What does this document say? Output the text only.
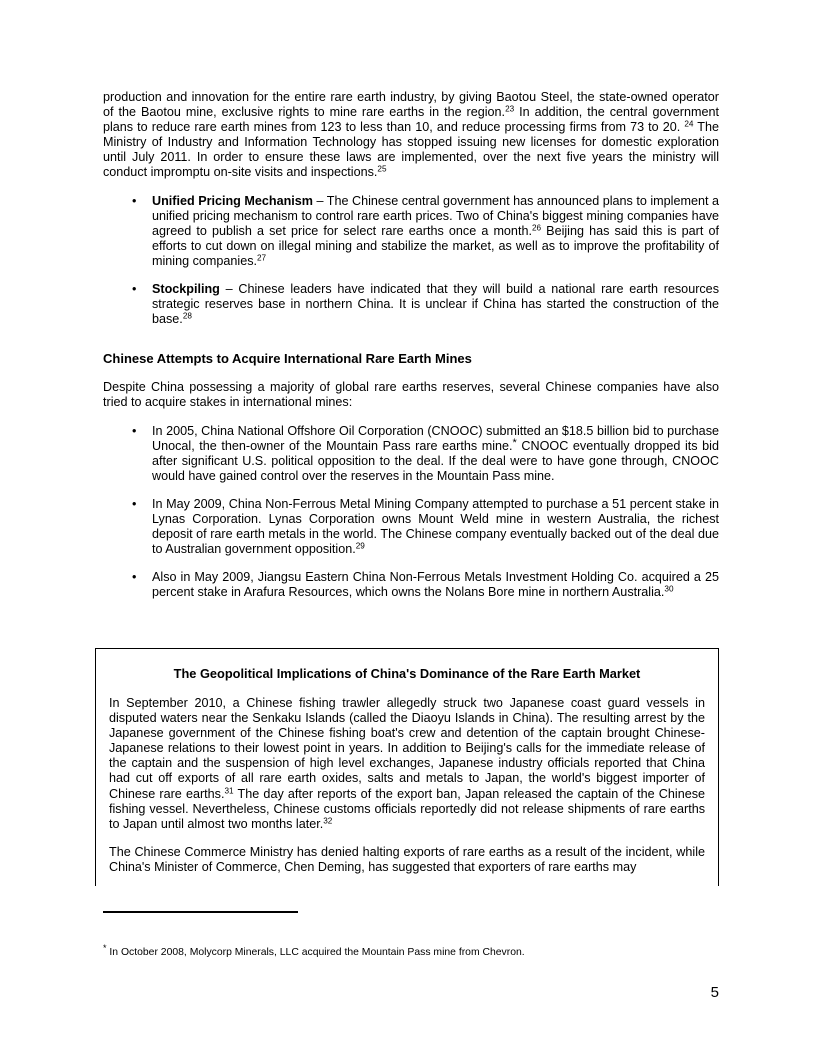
production and innovation for the entire rare earth industry, by giving Baotou Steel, the state-owned operator of the Baotou mine, exclusive rights to mine rare earths in the region.$^{23}$ In addition, the central government plans to reduce rare earth mines from 123 to less than 10, and reduce processing firms from 73 to 20. $^{24}$ The Ministry of Industry and Information Technology has stopped issuing new licenses for domestic exploration until July 2011. In order to ensure these laws are implemented, over the next five years the ministry will conduct impromptu on-site visits and inspections.$^{25}$

• Unified Pricing Mechanism – The Chinese central government has announced plans to implement a unified pricing mechanism to control rare earth prices. Two of China's biggest mining companies have agreed to publish a set price for select rare earths once a month.$^{26}$ Beijing has said this is part of efforts to cut down on illegal mining and stabilize the market, as well as to improve the profitability of mining companies.$^{27}$
• Stockpiling – Chinese leaders have indicated that they will build a national rare earth resources strategic reserves base in northern China. It is unclear if China has started the construction of the base.$^{28}$
Chinese Attempts to Acquire International Rare Earth Mines

Despite China possessing a majority of global rare earths reserves, several Chinese companies have also tried to acquire stakes in international mines:

• In 2005, China National Offshore Oil Corporation (CNOOC) submitted an $18.5 billion bid to purchase Unocal, the then-owner of the Mountain Pass rare earths mine.* CNOOC eventually dropped its bid after significant U.S. political opposition to the deal. If the deal were to have gone through, CNOOC would have gained control over the reserves in the Mountain Pass mine.
• In May 2009, China Non-Ferrous Metal Mining Company attempted to purchase a 51 percent stake in Lynas Corporation. Lynas Corporation owns Mount Weld mine in western Australia, the richest deposit of rare earth metals in the world. The Chinese company eventually backed out of the deal due to Australian government opposition.$^{29}$
• Also in May 2009, Jiangsu Eastern China Non-Ferrous Metals Investment Holding Co. acquired a 25 percent stake in Arafura Resources, which owns the Nolans Bore mine in northern Australia.$^{30}$
The Geopolitical Implications of China's Dominance of the Rare Earth Market

In September 2010, a Chinese fishing trawler allegedly struck two Japanese coast guard vessels in disputed waters near the Senkaku Islands (called the Diaoyu Islands in China). The resulting arrest by the Japanese government of the Chinese fishing boat's crew and detention of the captain brought Chinese-Japanese relations to their lowest point in years. In addition to Beijing's calls for the immediate release of the captain and the suspension of high level exchanges, Japanese industry officials reported that China had cut off exports of all rare earth oxides, salts and metals to Japan, the world's biggest importer of Chinese rare earths.$^{31}$ The day after reports of the export ban, Japan released the captain of the Chinese fishing vessel. Nevertheless, Chinese customs officials reportedly did not release shipments of rare earths to Japan until almost two months later.$^{32}$

The Chinese Commerce Ministry has denied halting exports of rare earths as a result of the incident, while China's Minister of Commerce, Chen Deming, has suggested that exporters of rare earths may

* In October 2008, Molycorp Minerals, LLC acquired the Mountain Pass mine from Chevron.
5
